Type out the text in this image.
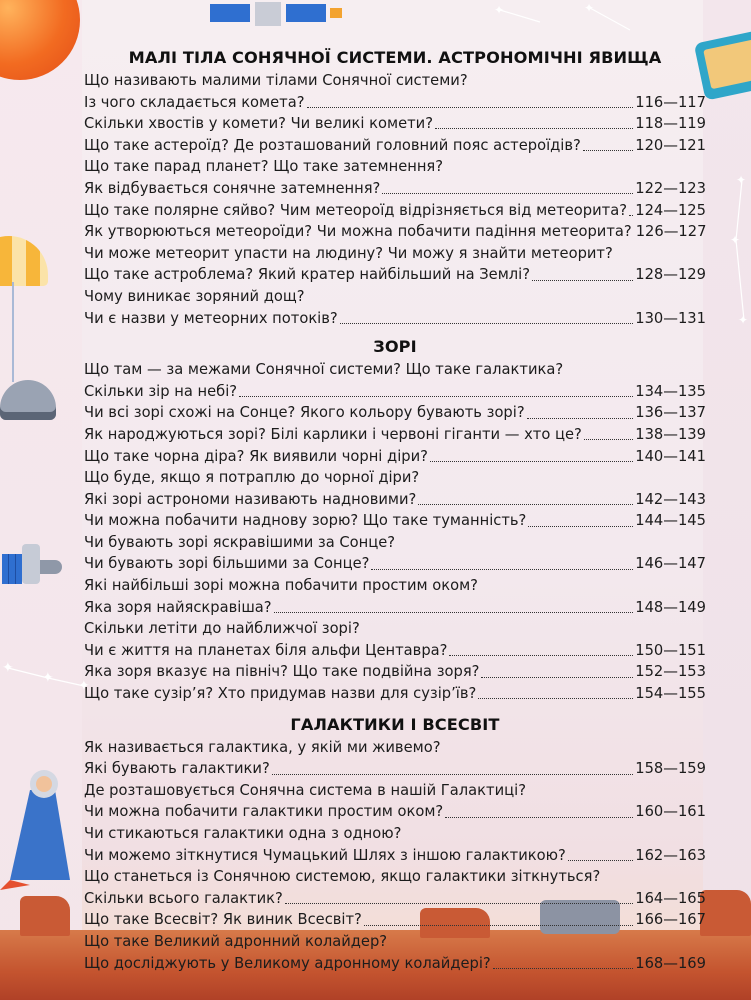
✦
✦ ✦
✦	✦
✦
✦
✦
МАЛІ ТІЛА СОНЯЧНОЇ СИСТЕМИ. АСТРОНОМІЧНІ ЯВИЩА
Що називають малими тілами Сонячної системи?
Із чого складається комета?	116—117
Скільки хвостів у комети? Чи великі комети?	118—119
Що таке астероїд? Де розташований головний пояс астероїдів?	120—121
Що таке парад планет? Що таке затемнення?
Як відбувається сонячне затемнення?	122—123
Що таке полярне сяйво? Чим метеороїд відрізняється від метеорита? 124—125
Як утворюються метеороїди? Чи можна побачити падіння метеорита? 126—127
Чи може метеорит упасти на людину? Чи можу я знайти метеорит?
Що таке астроблема? Який кратер найбільший на Землі?	128—129
Чому виникає зоряний дощ?
Чи є назви у метеорних потоків?	130—131
ЗОРІ
Що там — за межами Сонячної системи? Що таке галактика?
Скільки зір на небі?	134—135
Чи всі зорі схожі на Сонце? Якого кольору бувають зорі?	136—137
Як народжуються зорі? Білі карлики і червоні гіганти — хто це?	138—139
Що таке чорна діра? Як виявили чорні діри?	140—141
Що буде, якщо я потраплю до чорної діри?
Які зорі астрономи називають надновими?	142—143
Чи можна побачити наднову зорю? Що таке туманність?	144—145
Чи бувають зорі яскравішими за Сонце?
Чи бувають зорі більшими за Сонце?	146—147
Які найбільші зорі можна побачити простим оком?
Яка зоря найяскравіша?	148—149
Скільки летіти до найближчої зорі?
Чи є життя на планетах біля альфи Центавра?	150—151
Яка зоря вказує на північ? Що таке подвійна зоря?	152—153
Що таке сузір’я? Хто придумав назви для сузір’їв?	154—155
ГАЛАКТИКИ І ВСЕСВІТ
Як називається галактика, у якій ми живемо?
Які бувають галактики?	158—159
Де розташовується Сонячна система в нашій Галактиці?
Чи можна побачити галактики простим оком?	160—161
Чи стикаються галактики одна з одною?
Чи можемо зіткнутися Чумацький Шлях з іншою галактикою?	162—163
Що станеться із Сонячною системою, якщо галактики зіткнуться?
Скільки всього галактик?	164—165
Що таке Всесвіт? Як виник Всесвіт?	166—167
Що таке Великий адронний колайдер?
Що досліджують у Великому адронному колайдері?	168—169
